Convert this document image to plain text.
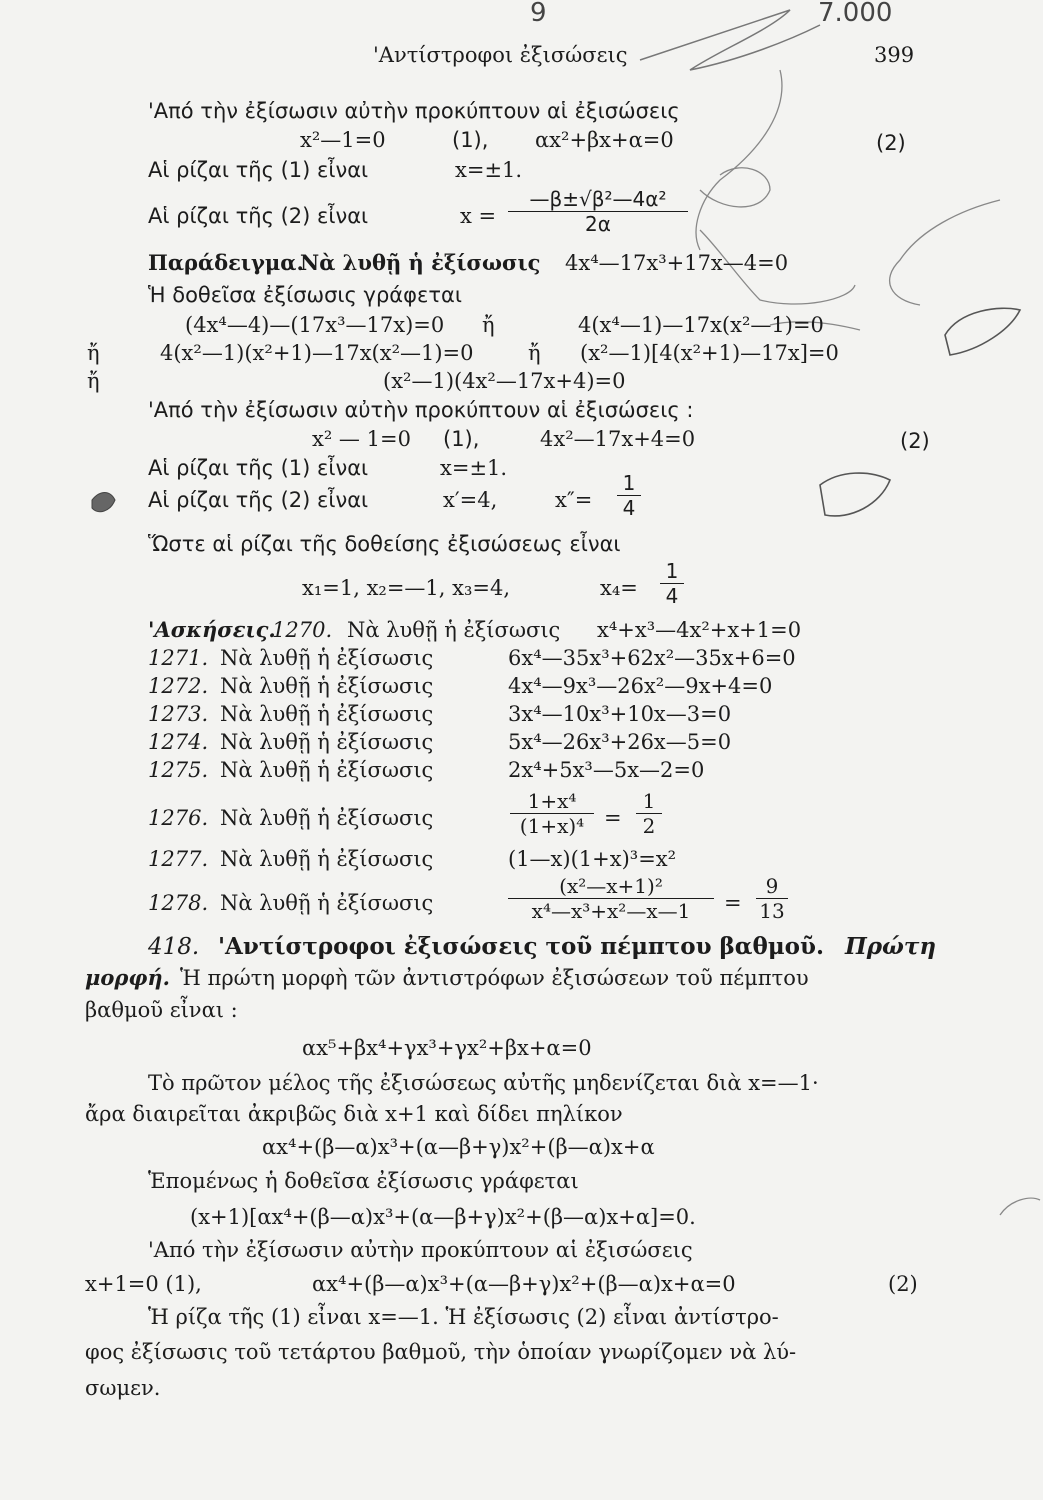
9	7.000
'Αντίστροφοι ἐξισώσεις	399
'Από τὴν ἐξίσωσιν αὐτὴν προκύπτουν αἱ ἐξισώσεις
x²—1=0	(1), αx²+βx+α=0	(2)
Αἱ ρίζαι τῆς (1) εἶναι	x=±1.
Αἱ ρίζαι τῆς (2) εἶναι	x =
—β±√β²—4α²
2α
Παράδειγμα.
Νὰ λυθῇ ἡ ἐξίσωσις 4x⁴—17x³+17x—4=0
Ἡ δοθεῖσα ἐξίσωσις γράφεται
(4x⁴—4)—(17x³—17x)=0 ἤ	4(x⁴—1)—17x(x²—1)=0
ἤ	4(x²—1)(x²+1)—17x(x²—1)=0	ἤ (x²—1)[4(x²+1)—17x]=0
ἤ	(x²—1)(4x²—17x+4)=0
'Από τὴν ἐξίσωσιν αὐτὴν προκύπτουν αἱ ἐξισώσεις :
x² — 1=0 (1),	4x²—17x+4=0	(2)
Αἱ ρίζαι τῆς (1) εἶναι	x=±1.
Αἱ ρίζαι τῆς (2) εἶναι	x′=4,	x″=
1
4
Ὥστε αἱ ρίζαι τῆς δοθείσης ἐξισώσεως εἶναι
x₁=1, x₂=—1, x₃=4,	x₄=
1
4
'Ασκήσεις.
1270. Νὰ λυθῇ ἡ ἐξίσωσις x⁴+x³—4x²+x+1=0
1271. Νὰ λυθῇ ἡ ἐξίσωσις	6x⁴—35x³+62x²—35x+6=0
1272. Νὰ λυθῇ ἡ ἐξίσωσις	4x⁴—9x³—26x²—9x+4=0
1273. Νὰ λυθῇ ἡ ἐξίσωσις	3x⁴—10x³+10x—3=0
1274. Νὰ λυθῇ ἡ ἐξίσωσις	5x⁴—26x³+26x—5=0
1275. Νὰ λυθῇ ἡ ἐξίσωσις	2x⁴+5x³—5x—2=0
1276. Νὰ λυθῇ ἡ ἐξίσωσις
1+x⁴
(1+x)⁴ =
1
2
1277. Νὰ λυθῇ ἡ ἐξίσωσις	(1—x)(1+x)³=x²
1278. Νὰ λυθῇ ἡ ἐξίσωσις
(x²—x+1)²
x⁴—x³+x²—x—1	=
9
13
418. 'Αντίστροφοι ἐξισώσεις τοῦ πέμπτου βαθμοῦ. Πρώτη
μορφή. Ἡ πρώτη μορφὴ τῶν ἀντιστρόφων ἐξισώσεων τοῦ πέμπτου
βαθμοῦ εἶναι :
αx⁵+βx⁴+γx³+γx²+βx+α=0
Τὸ πρῶτον μέλος τῆς ἐξισώσεως αὐτῆς μηδενίζεται διὰ x=—1·
ἄρα διαιρεῖται ἀκριβῶς διὰ x+1 καὶ δίδει πηλίκον
αx⁴+(β—α)x³+(α—β+γ)x²+(β—α)x+α
Ἑπομένως ἡ δοθεῖσα ἐξίσωσις γράφεται
(x+1)[αx⁴+(β—α)x³+(α—β+γ)x²+(β—α)x+α]=0.
'Από τὴν ἐξίσωσιν αὐτὴν προκύπτουν αἱ ἐξισώσεις
x+1=0 (1),	αx⁴+(β—α)x³+(α—β+γ)x²+(β—α)x+α=0	(2)
Ἡ ρίζα τῆς (1) εἶναι x=—1. Ἡ ἐξίσωσις (2) εἶναι ἀντίστρο-
φος ἐξίσωσις τοῦ τετάρτου βαθμοῦ, τὴν ὁποίαν γνωρίζομεν νὰ λύ-
σωμεν.
